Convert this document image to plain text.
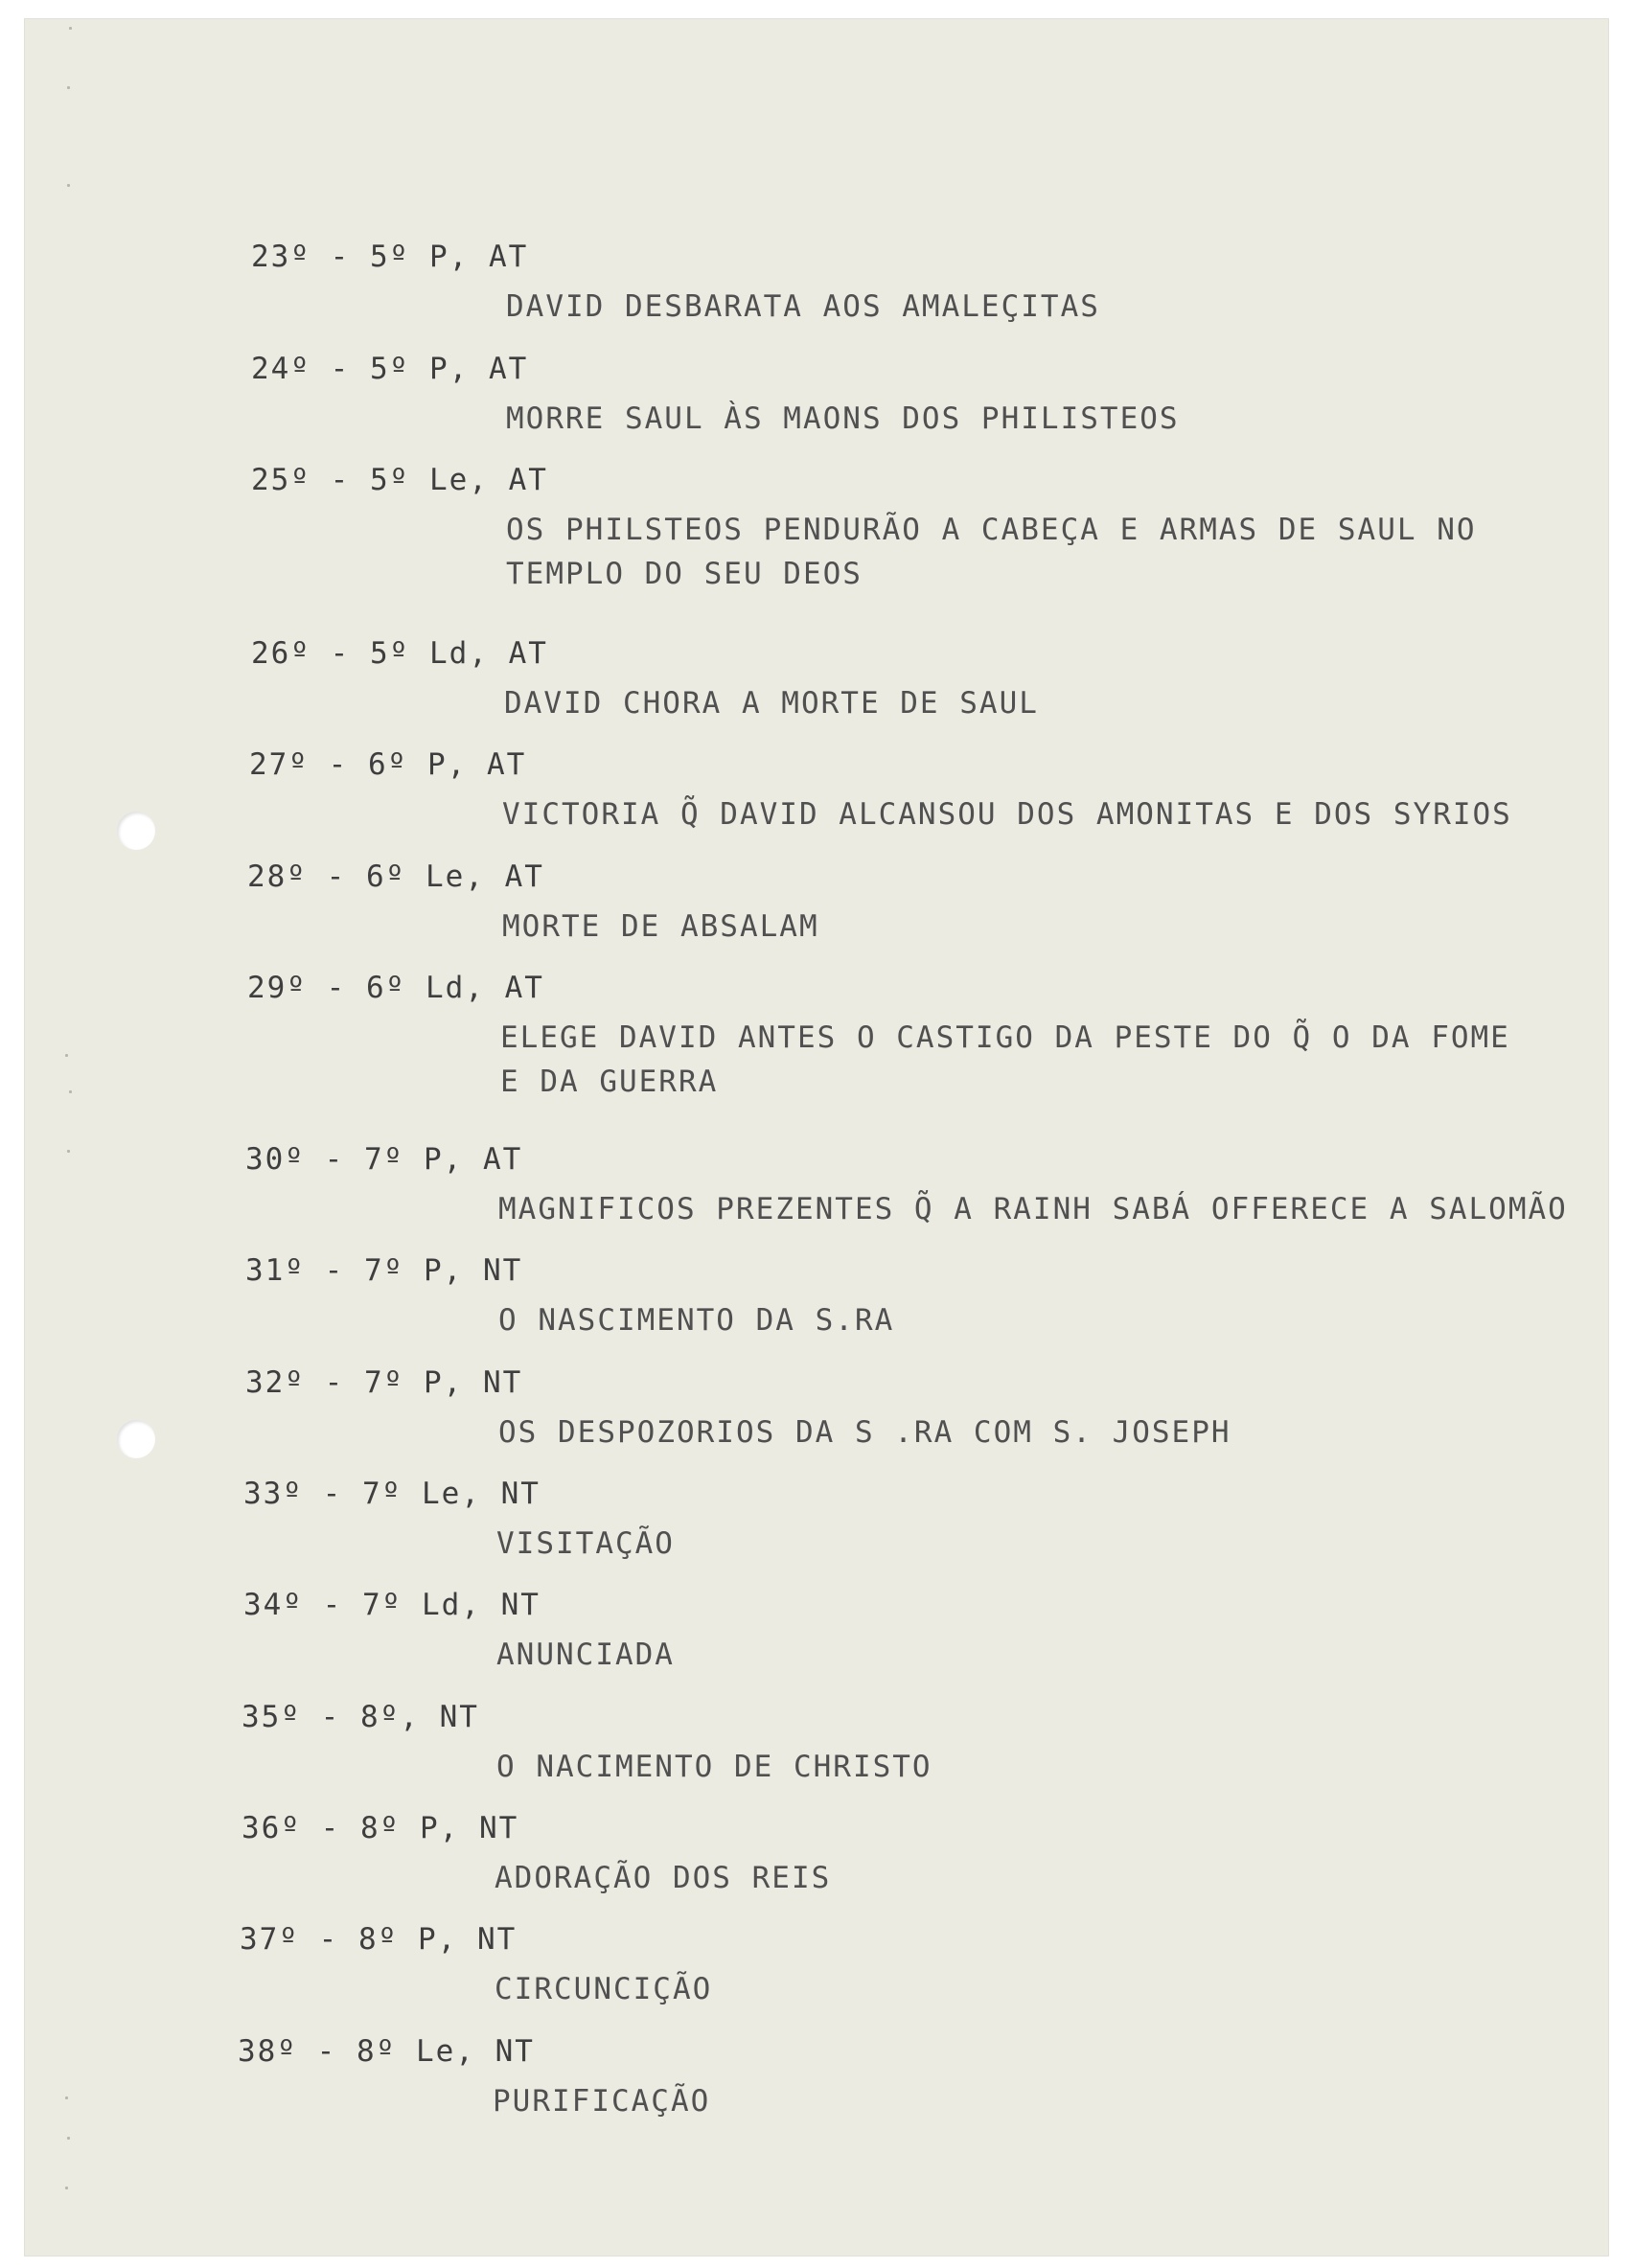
23º - 5º P, AT
DAVID DESBARATA AOS AMALEÇITAS
24º - 5º P, AT
MORRE SAUL ÀS MAONS DOS PHILISTEOS
25º - 5º Le, AT
OS PHILSTEOS PENDURÃO A CABEÇA E ARMAS DE SAUL NO
TEMPLO DO SEU DEOS
26º - 5º Ld, AT
DAVID CHORA A MORTE DE SAUL
27º - 6º P, AT
VICTORIA Q̃ DAVID ALCANSOU DOS AMONITAS E DOS SYRIOS
28º - 6º Le, AT
MORTE DE ABSALAM
29º - 6º Ld, AT
ELEGE DAVID ANTES O CASTIGO DA PESTE DO Q̃ O DA FOME
E DA GUERRA
30º - 7º P, AT
MAGNIFICOS PREZENTES Q̃ A RAINH SABÁ OFFERECE A SALOMÃO
31º - 7º P, NT
O NASCIMENTO DA S.RA
32º - 7º P, NT
OS DESPOZORIOS DA S .RA COM S. JOSEPH
33º - 7º Le, NT
VISITAÇÃO
34º - 7º Ld, NT
ANUNCIADA
35º - 8º, NT
O NACIMENTO DE CHRISTO
36º - 8º P, NT
ADORAÇÃO DOS REIS
37º - 8º P, NT
CIRCUNCIÇÃO
38º - 8º Le, NT
PURIFICAÇÃO
